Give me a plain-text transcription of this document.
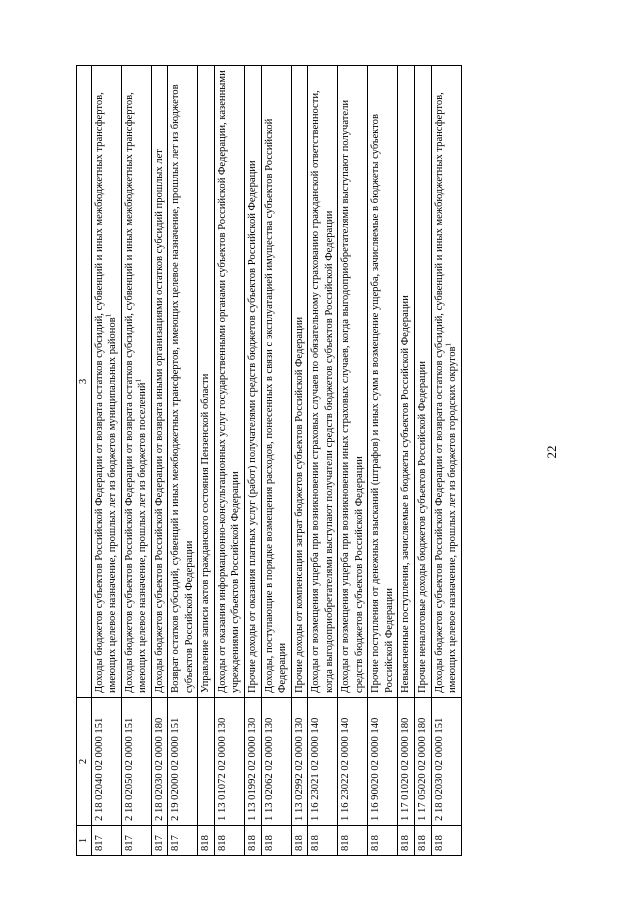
22
1	2	3
817	2 18 02040 02 0000 151	Доходы бюджетов субъектов Российской Федерации от возврата остатков субсидий, субвенций и иных межбюджетных трансфертов, имеющих целевое назначение, прошлых лет из бюджетов муниципальных районов$^1$
817	2 18 02050 02 0000 151	Доходы бюджетов субъектов Российской Федерации от возврата остатков субсидий, субвенций и иных межбюджетных трансфертов, имеющих целевое назначение, прошлых лет из бюджетов поселений$^1$
817	2 18 02030 02 0000 180	Доходы бюджетов субъектов Российской Федерации от возврата иными организациями остатков субсидий прошлых лет
817	2 19 02000 02 0000 151	Возврат остатков субсидий, субвенций и иных межбюджетных трансфертов, имеющих целевое назначение, прошлых лет из бюджетов субъектов Российской Федерации
818		Управление записи актов гражданского состояния Пензенской области
818	1 13 01072 02 0000 130	Доходы от оказания информационно-консультационных услуг государственными органами субъектов Российской Федерации, казенными учреждениями субъектов Российской Федерации
818	1 13 01992 02 0000 130	Прочие доходы от оказания платных услуг (работ) получателями средств бюджетов субъектов Российской Федерации
818	1 13 02062 02 0000 130	Доходы, поступающие в порядке возмещения расходов, понесенных в связи с эксплуатацией имущества субъектов Российской Федерации
818	1 13 02992 02 0000 130	Прочие доходы от компенсации затрат бюджетов субъектов Российской Федерации
818	1 16 23021 02 0000 140	Доходы от возмещения ущерба при возникновении страховых случаев по обязательному страхованию гражданской ответственности, когда выгодоприобретателями выступают получатели средств бюджетов субъектов Российской Федерации
818	1 16 23022 02 0000 140	Доходы от возмещения ущерба при возникновении иных страховых случаев, когда выгодоприобретателями выступают получатели средств бюджетов субъектов Российской Федерации
818	1 16 90020 02 0000 140	Прочие поступления от денежных взысканий (штрафов) и иных сумм в возмещение ущерба, зачисляемые в бюджеты субъектов Российской Федерации
818	1 17 01020 02 0000 180	Невыясненные поступления, зачисляемые в бюджеты субъектов Российской Федерации
818	1 17 05020 02 0000 180	Прочие неналоговые доходы бюджетов субъектов Российской Федерации
818	2 18 02030 02 0000 151	Доходы бюджетов субъектов Российской Федерации от возврата остатков субсидий, субвенций и иных межбюджетных трансфертов, имеющих целевое назначение, прошлых лет из бюджетов городских округов$^1$
